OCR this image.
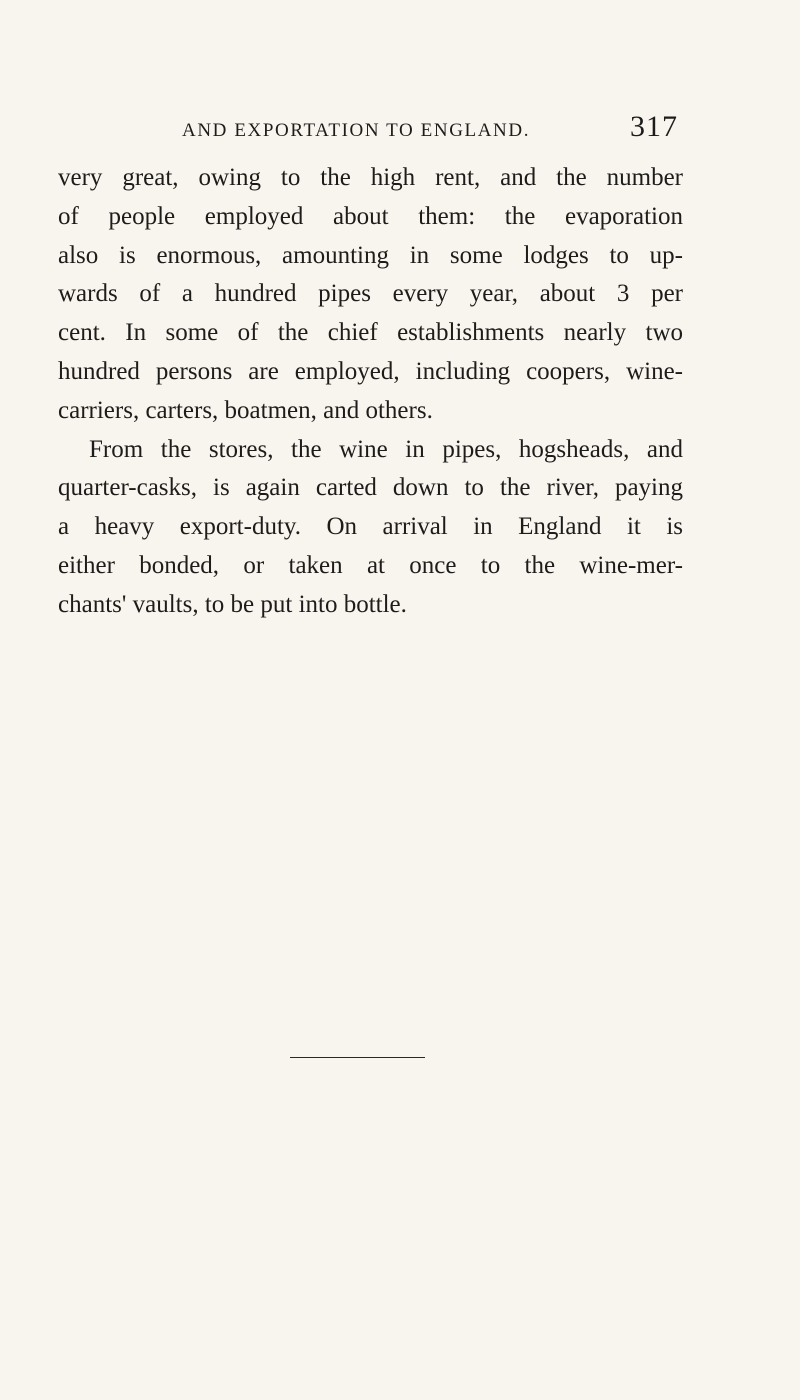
AND EXPORTATION TO ENGLAND.	317
very great, owing to the high rent, and the number
of people employed about them: the evaporation
also is enormous, amounting in some lodges to up-
wards of a hundred pipes every year, about 3 per
cent. In some of the chief establishments nearly two
hundred persons are employed, including coopers, wine-
carriers, carters, boatmen, and others.
From the stores, the wine in pipes, hogsheads, and
quarter-casks, is again carted down to the river, paying
a heavy export-duty. On arrival in England it is
either bonded, or taken at once to the wine-mer-
chants' vaults, to be put into bottle.
